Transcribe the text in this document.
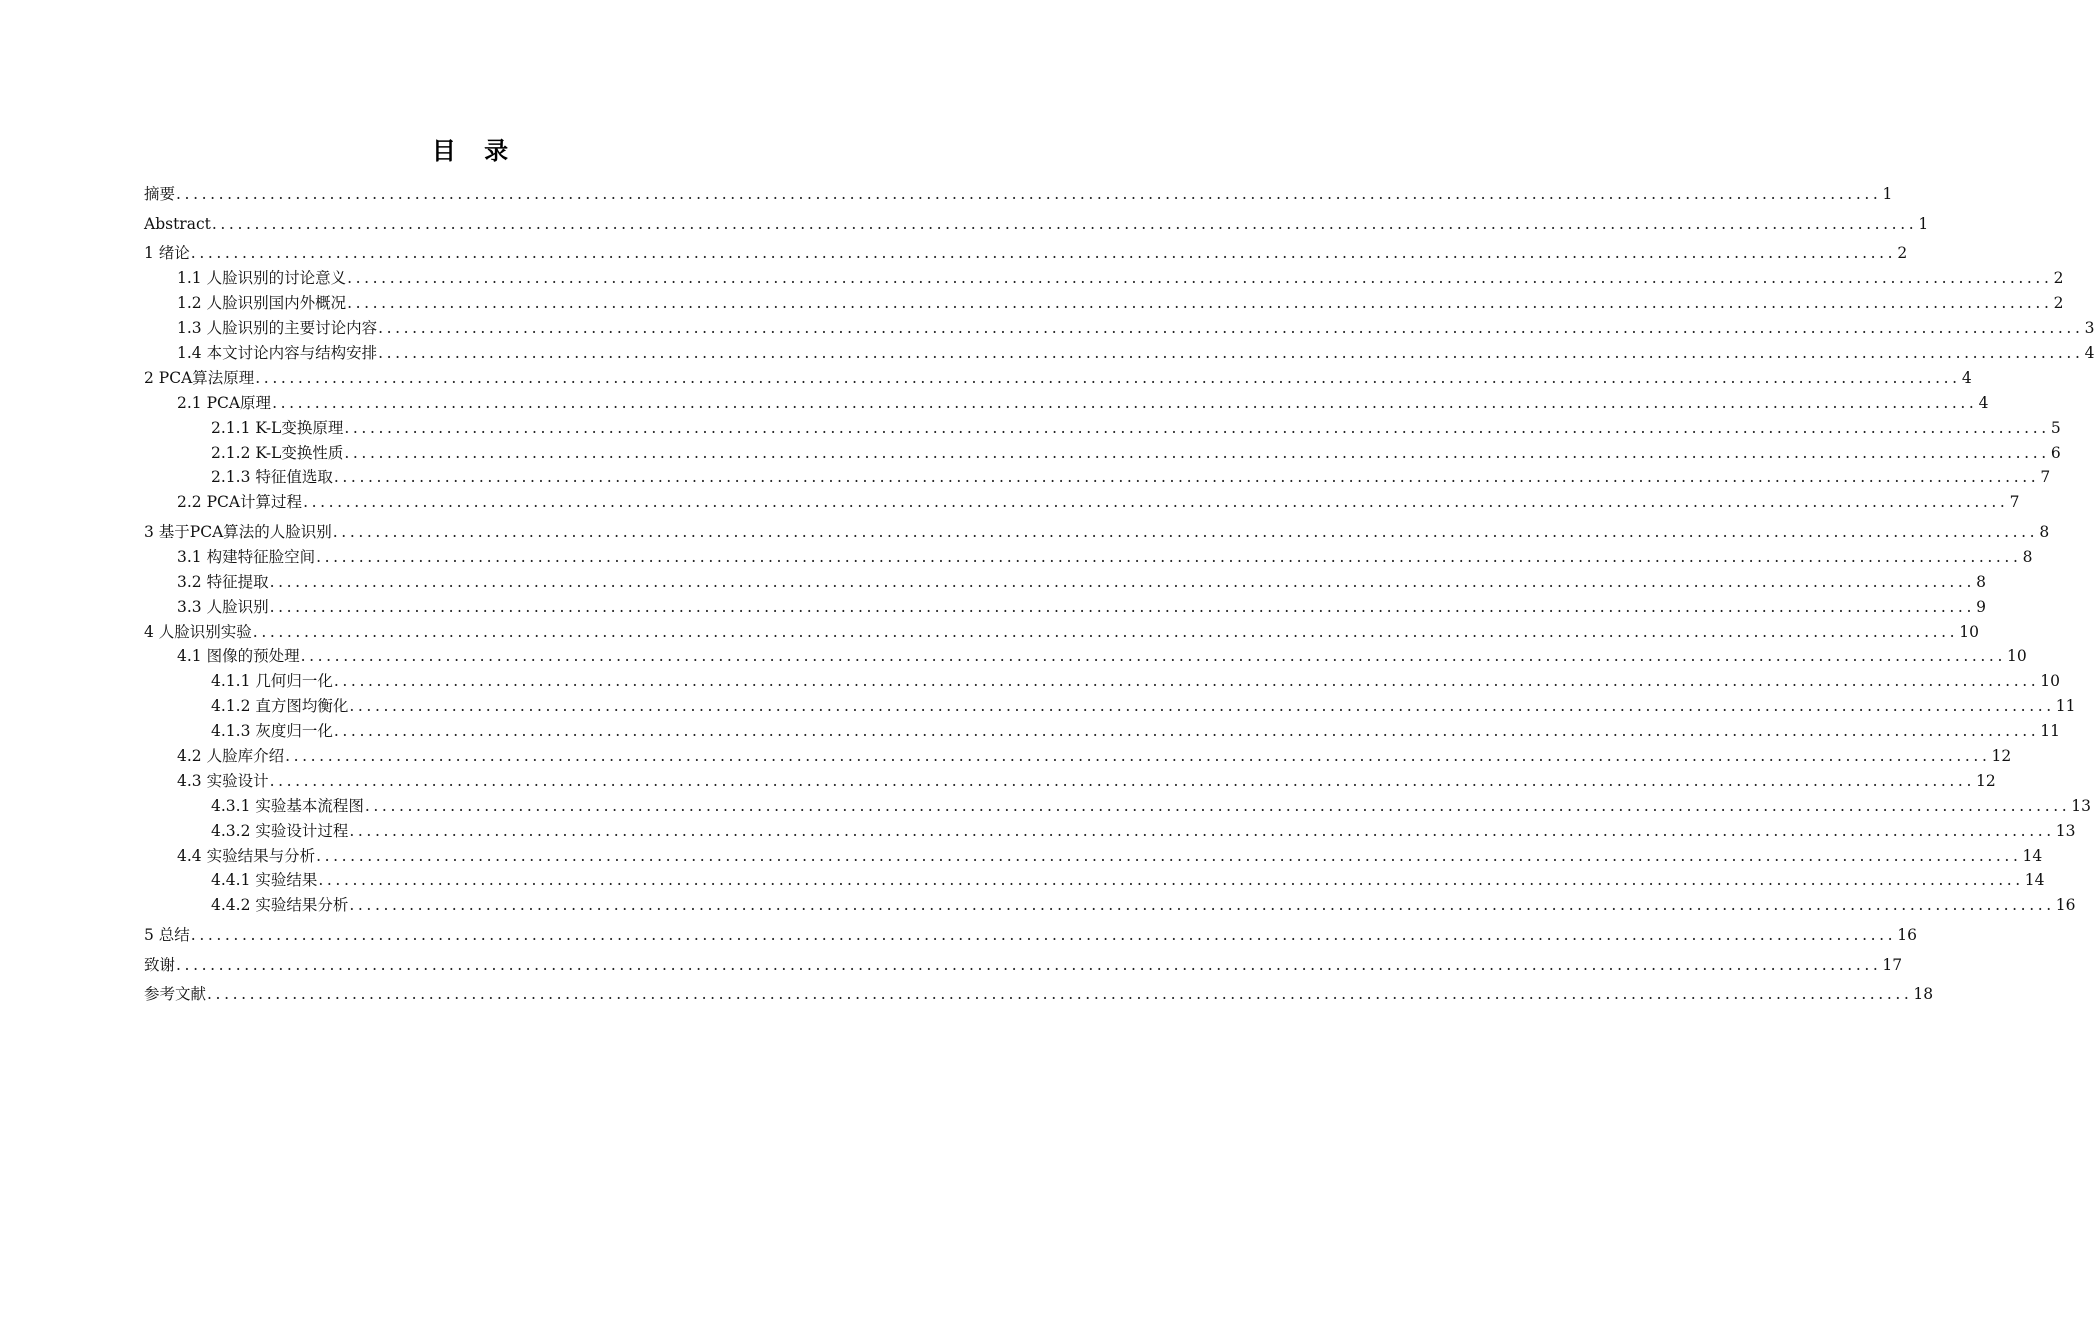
目 录
摘要 ........................................................................................................................................................................................................ 1
Abstract ........................................................................................................................................................................................................ 1
1 绪论 ........................................................................................................................................................................................................ 2
1.1 人脸识别的讨论意义 ........................................................................................................................................................................................................ 2
1.2 人脸识别国内外概况 ........................................................................................................................................................................................................ 2
1.3 人脸识别的主要讨论内容 ........................................................................................................................................................................................................ 3
1.4 本文讨论内容与结构安排 ........................................................................................................................................................................................................ 4
2 PCA算法原理 ........................................................................................................................................................................................................ 4
2.1 PCA原理 ........................................................................................................................................................................................................ 4
2.1.1 K-L变换原理 ........................................................................................................................................................................................................ 5
2.1.2 K-L变换性质 ........................................................................................................................................................................................................ 6
2.1.3 特征值选取 ........................................................................................................................................................................................................ 7
2.2 PCA计算过程 ........................................................................................................................................................................................................ 7
3 基于PCA算法的人脸识别 ........................................................................................................................................................................................................ 8
3.1 构建特征脸空间 ........................................................................................................................................................................................................ 8
3.2 特征提取 ........................................................................................................................................................................................................ 8
3.3 人脸识别 ........................................................................................................................................................................................................ 9
4 人脸识别实验 ........................................................................................................................................................................................................ 10
4.1 图像的预处理 ........................................................................................................................................................................................................ 10
4.1.1 几何归一化 ........................................................................................................................................................................................................ 10
4.1.2 直方图均衡化 ........................................................................................................................................................................................................ 11
4.1.3 灰度归一化 ........................................................................................................................................................................................................ 11
4.2 人脸库介绍 ........................................................................................................................................................................................................ 12
4.3 实验设计 ........................................................................................................................................................................................................ 12
4.3.1 实验基本流程图 ........................................................................................................................................................................................................ 13
4.3.2 实验设计过程 ........................................................................................................................................................................................................ 13
4.4 实验结果与分析 ........................................................................................................................................................................................................ 14
4.4.1 实验结果 ........................................................................................................................................................................................................ 14
4.4.2 实验结果分析 ........................................................................................................................................................................................................ 16
5 总结 ........................................................................................................................................................................................................ 16
致谢 ........................................................................................................................................................................................................ 17
参考文献 ........................................................................................................................................................................................................ 18
